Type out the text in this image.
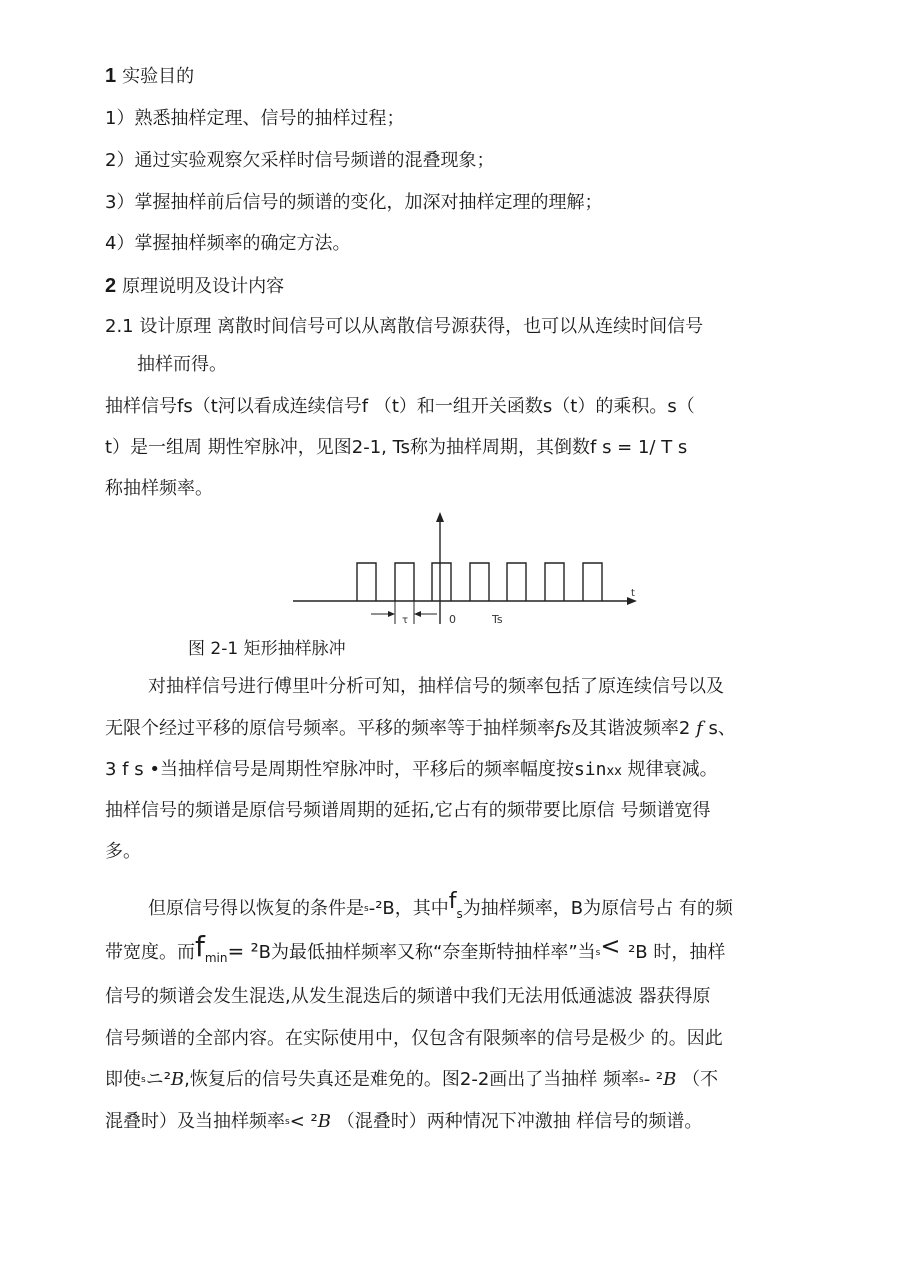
1 实验目的
1）熟悉抽样定理、信号的抽样过程；
2）通过实验观察欠采样时信号频谱的混叠现象；
3）掌握抽样前后信号的频谱的变化，加深对抽样定理的理解；
4）掌握抽样频率的确定方法。
2 原理说明及设计内容
2.1 设计原理 离散时间信号可以从离散信号源获得，也可以从连续时间信号
抽样而得。
抽样信号fs（t河以看成连续信号f （t）和一组开关函数s（t）的乘积。s（
t）是一组周 期性窄脉冲，见图2-1, Ts称为抽样周期，其倒数f s = 1/ T s
称抽样频率。
t
τ	0	Ts
图 2-1 矩形抽样脉冲
对抽样信号进行傅里叶分析可知，抽样信号的频率包括了原连续信号以及
无限个经过平移的原信号频率。平移的频率等于抽样频率fs及其谐波频率2 f s、
3 f s •当抽样信号是周期性窄脉冲时，平移后的频率幅度按sinxx 规律衰减。
抽样信号的频谱是原信号频谱周期的延拓,它占有的频带要比原信 号频谱宽得
多。
但原信号得以恢复的条件是s-²B，其中$f_s$为抽样频率，B为原信号占 有的频
带宽度。而$f_{min}= ^2B$为最低抽样频率又称“奈奎斯特抽样率”当s< ²B 时，抽样
信号的频谱会发生混迭,从发生混迭后的频谱中我们无法用低通滤波 器获得原
信号频谱的全部内容。在实际使用中，仅包含有限频率的信号是极少 的。因此
即使sニ²B,恢复后的信号失真还是难免的。图2-2画出了当抽样 频率s- ²B （不
混叠时）及当抽样频率s< ²B （混叠时）两种情况下冲激抽 样信号的频谱。
